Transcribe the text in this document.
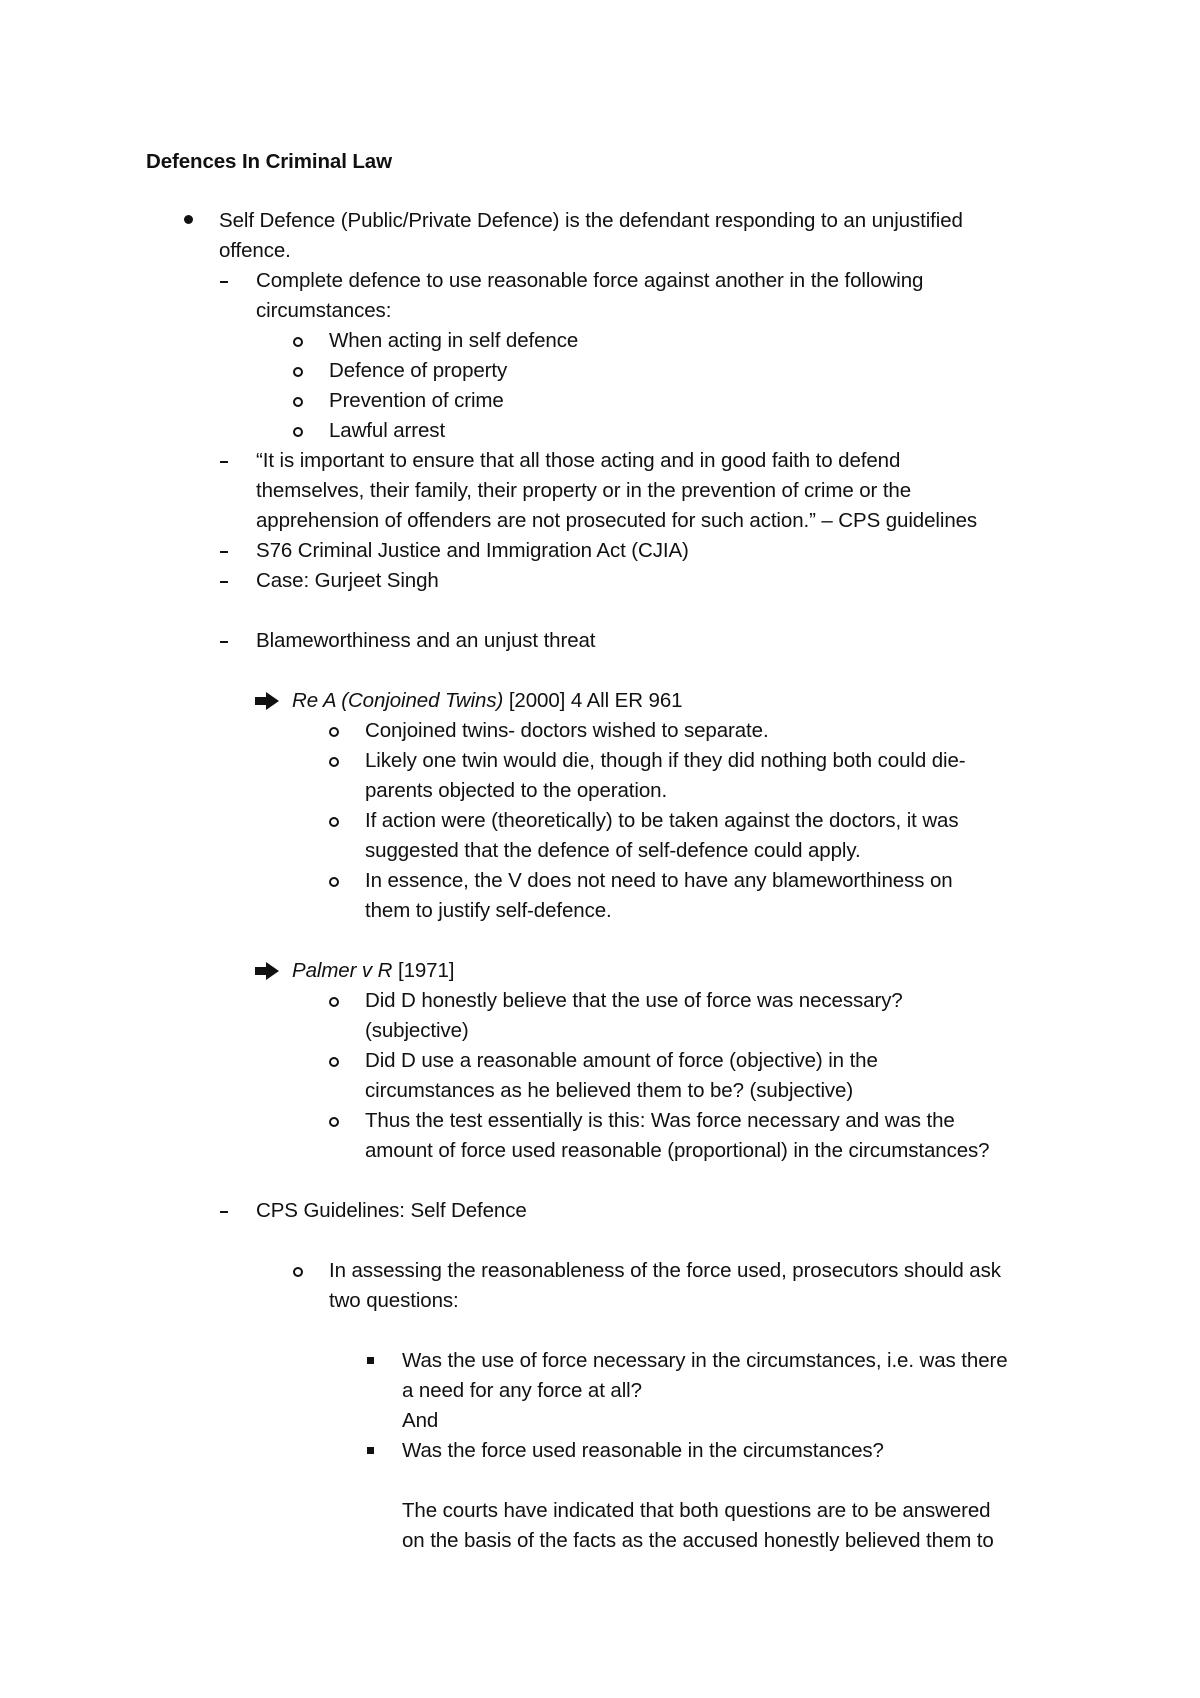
Defences In Criminal Law
Self Defence (Public/Private Defence) is the defendant responding to an unjustified
offence.
Complete defence to use reasonable force against another in the following
circumstances:
When acting in self defence
Defence of property
Prevention of crime
Lawful arrest
“It is important to ensure that all those acting and in good faith to defend
themselves, their family, their property or in the prevention of crime or the
apprehension of offenders are not prosecuted for such action.” – CPS guidelines
S76 Criminal Justice and Immigration Act (CJIA)
Case: Gurjeet Singh
Blameworthiness and an unjust threat
Re A (Conjoined Twins) [2000] 4 All ER 961
Conjoined twins- doctors wished to separate.
Likely one twin would die, though if they did nothing both could die-
parents objected to the operation.
If action were (theoretically) to be taken against the doctors, it was
suggested that the defence of self-defence could apply.
In essence, the V does not need to have any blameworthiness on
them to justify self-defence.
Palmer v R [1971]
Did D honestly believe that the use of force was necessary?
(subjective)
Did D use a reasonable amount of force (objective) in the
circumstances as he believed them to be? (subjective)
Thus the test essentially is this: Was force necessary and was the
amount of force used reasonable (proportional) in the circumstances?
CPS Guidelines: Self Defence
In assessing the reasonableness of the force used, prosecutors should ask
two questions:
Was the use of force necessary in the circumstances, i.e. was there
a need for any force at all?
And
Was the force used reasonable in the circumstances?
The courts have indicated that both questions are to be answered
on the basis of the facts as the accused honestly believed them to
